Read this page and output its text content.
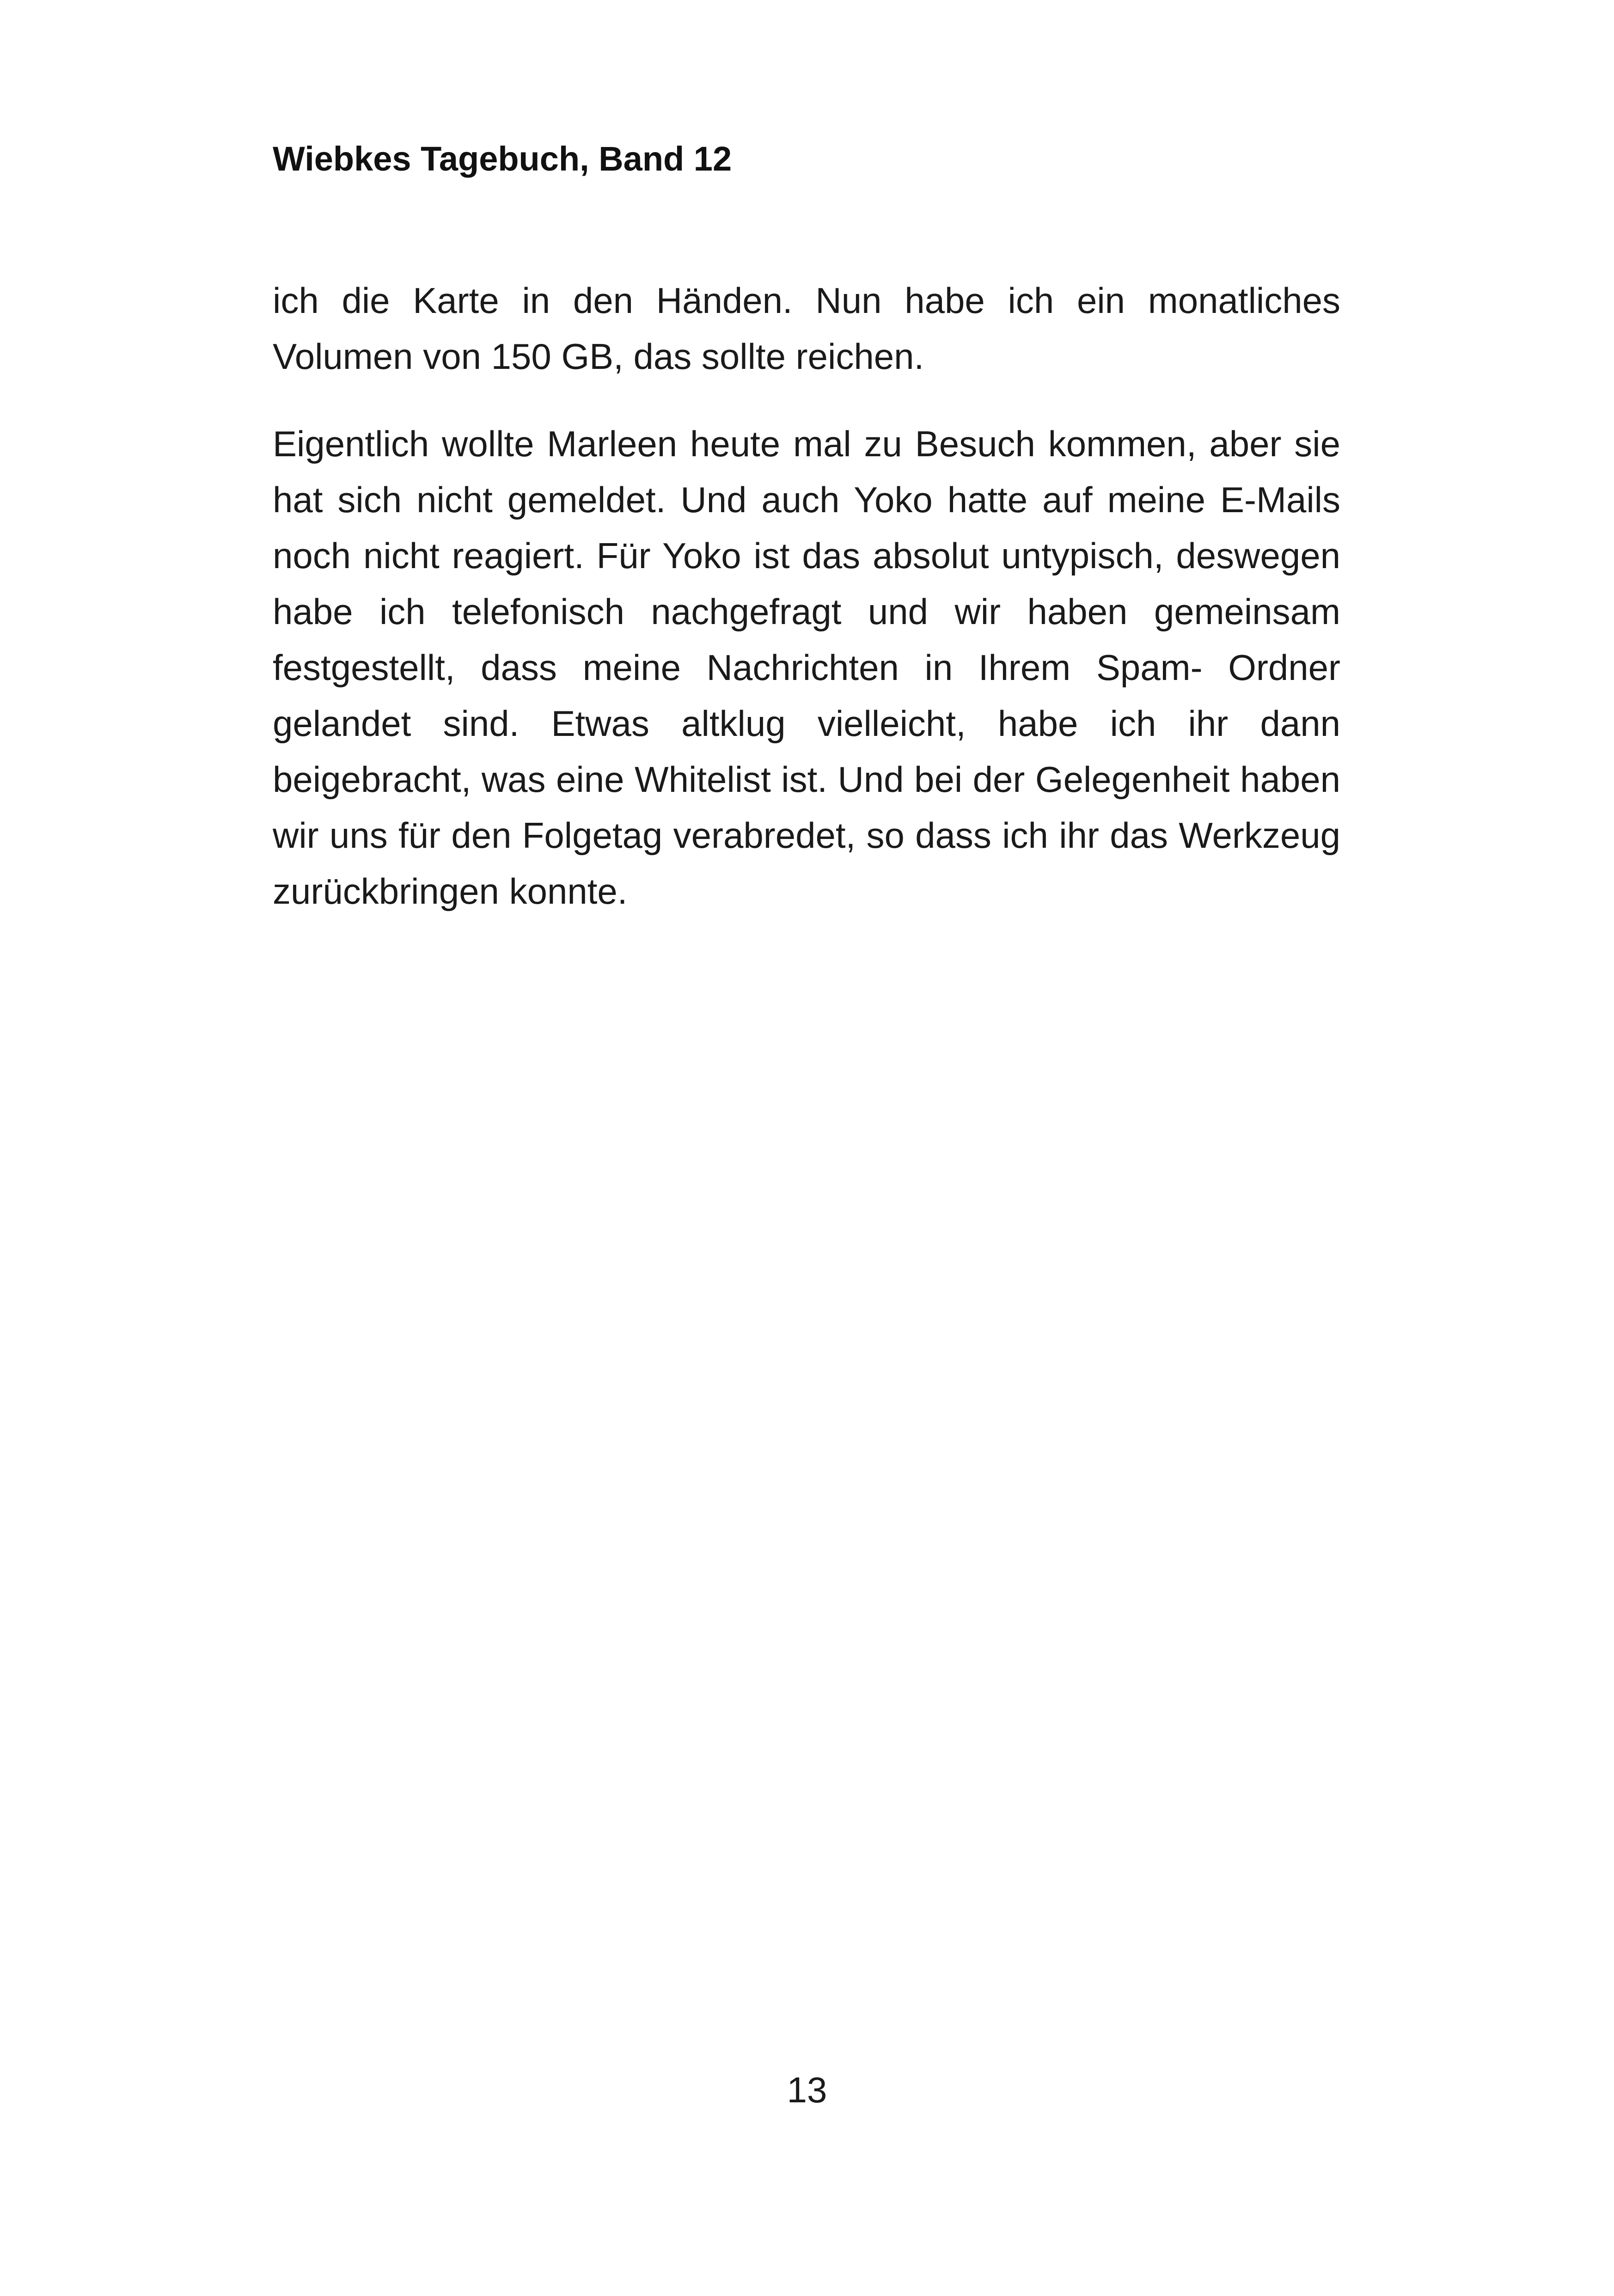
Wiebkes Tagebuch, Band 12

ich die Karte in den Händen. Nun habe ich ein monatliches Volumen von 150 GB, das sollte reichen.

Eigentlich wollte Marleen heute mal zu Besuch kommen, aber sie hat sich nicht gemeldet. Und auch Yoko hatte auf meine E-Mails noch nicht reagiert. Für Yoko ist das absolut untypisch, deswegen habe ich telefonisch nachgefragt und wir haben gemeinsam festgestellt, dass meine Nachrichten in Ihrem Spam- Ordner gelandet sind. Etwas altklug vielleicht, habe ich ihr dann beigebracht, was eine Whitelist ist. Und bei der Gelegenheit haben wir uns für den Folgetag verabredet, so dass ich ihr das Werkzeug zurückbringen konnte.

13
